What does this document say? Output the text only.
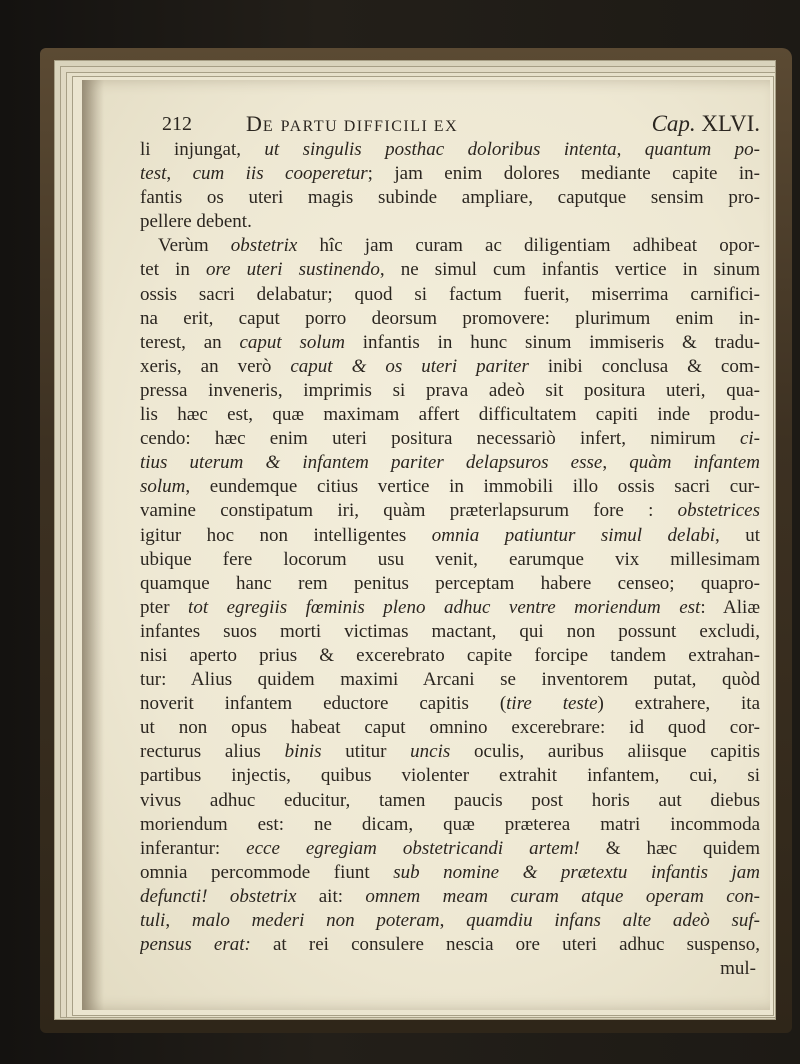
212 DE PARTU DIFFICILI EX	Cap. XLVI.
li injungat, ut singulis posthac doloribus intenta, quantum po-
test, cum iis cooperetur; jam enim dolores mediante capite in-
fantis os uteri magis subinde ampliare, caputque sensim pro-
pellere debent.
Verùm obstetrix hîc jam curam ac diligentiam adhibeat opor-
tet in ore uteri sustinendo, ne simul cum infantis vertice in sinum
ossis sacri delabatur; quod si factum fuerit, miserrima carnifici-
na erit, caput porro deorsum promovere: plurimum enim in-
terest, an caput solum infantis in hunc sinum immiseris & tradu-
xeris, an verò caput & os uteri pariter inibi conclusa & com-
pressa inveneris, imprimis si prava adeò sit positura uteri, qua-
lis hæc est, quæ maximam affert difficultatem capiti inde produ-
cendo: hæc enim uteri positura necessariò infert, nimirum ci-
tius uterum & infantem pariter delapsuros esse, quàm infantem
solum, eundemque citius vertice in immobili illo ossis sacri cur-
vamine constipatum iri, quàm præterlapsurum fore : obstetrices
igitur hoc non intelligentes omnia patiuntur simul delabi, ut
ubique fere locorum usu venit, earumque vix millesimam
quamque hanc rem penitus perceptam habere censeo; quapro-
pter tot egregiis fœminis pleno adhuc ventre moriendum est: Aliæ
infantes suos morti victimas mactant, qui non possunt excludi,
nisi aperto prius & excerebrato capite forcipe tandem extrahan-
tur: Alius quidem maximi Arcani se inventorem putat, quòd
noverit infantem eductore capitis (tire teste) extrahere, ita
ut non opus habeat caput omnino excerebrare: id quod cor-
recturus alius binis utitur uncis oculis, auribus aliisque capitis
partibus injectis, quibus violenter extrahit infantem, cui, si
vivus adhuc educitur, tamen paucis post horis aut diebus
moriendum est: ne dicam, quæ præterea matri incommoda
inferantur: ecce egregiam obstetricandi artem! & hæc quidem
omnia percommode fiunt sub nomine & prætextu infantis jam
defuncti! obstetrix ait: omnem meam curam atque operam con-
tuli, malo mederi non poteram, quamdiu infans alte adeò suf-
pensus erat: at rei consulere nescia ore uteri adhuc suspenso,
mul-
